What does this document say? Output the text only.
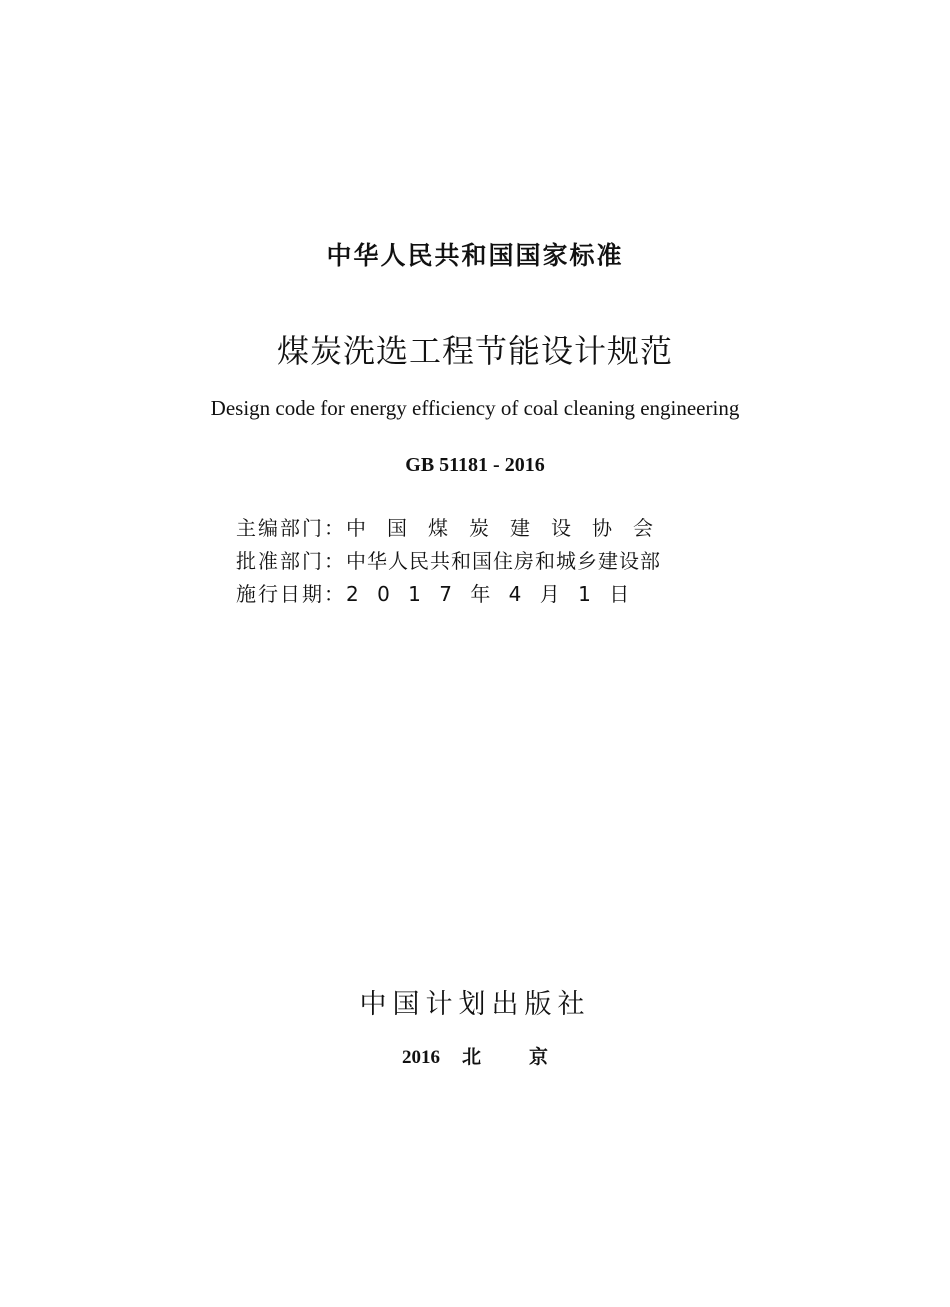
中华人民共和国国家标准
煤炭洗选工程节能设计规范
Design code for energy efficiency of coal cleaning engineering
GB 51181 - 2016
主编部门：中国煤炭建设协会
批准部门：中华人民共和国住房和城乡建设部
施行日期：2 0 1 7 年 4 月 1 日
中国计划出版社
2016 北京
